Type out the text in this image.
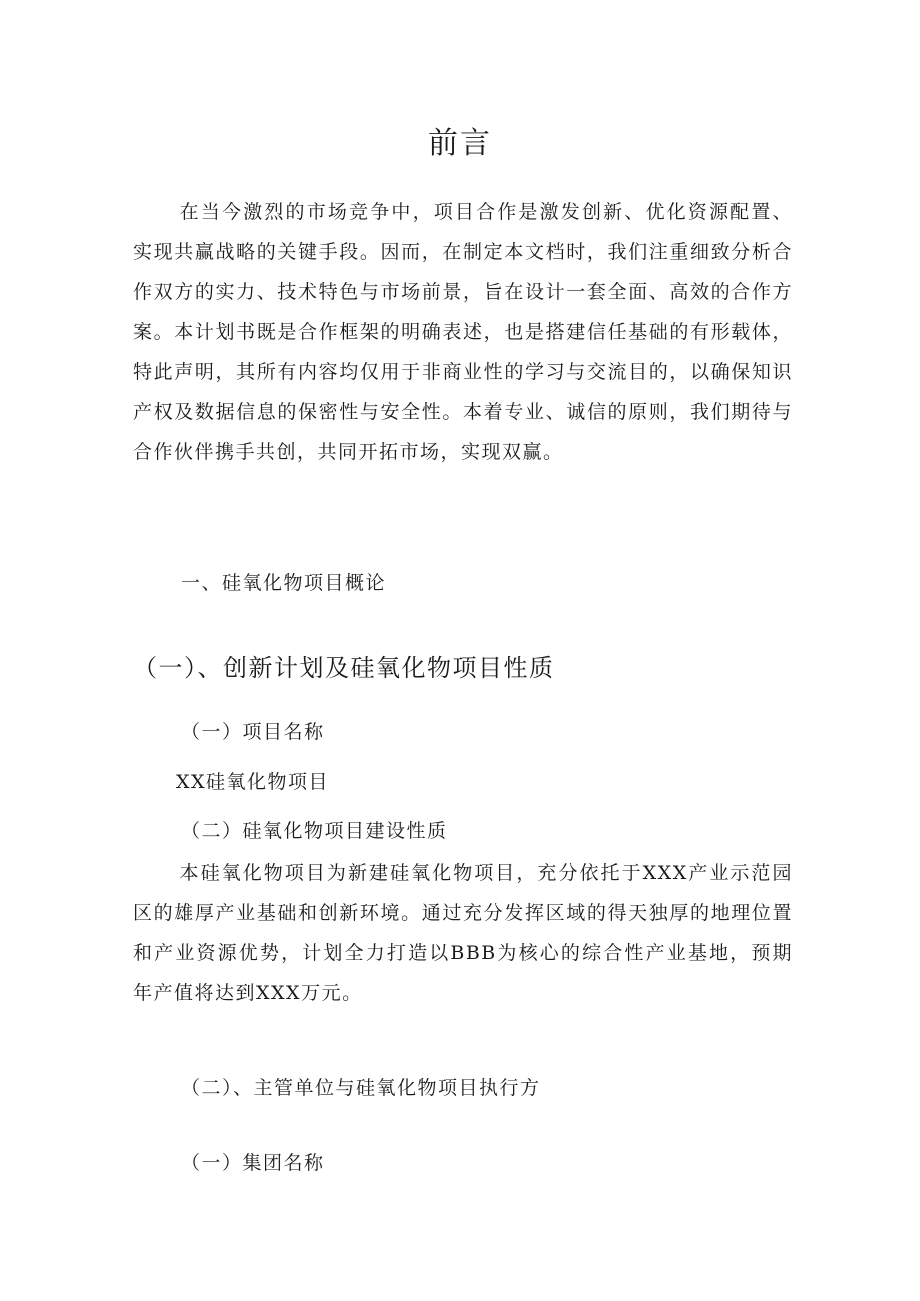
前言

在当今激烈的市场竞争中，项目合作是激发创新、优化资源配置、实现共赢战略的关键手段。因而，在制定本文档时，我们注重细致分析合作双方的实力、技术特色与市场前景，旨在设计一套全面、高效的合作方案。本计划书既是合作框架的明确表述，也是搭建信任基础的有形载体，特此声明，其所有内容均仅用于非商业性的学习与交流目的，以确保知识产权及数据信息的保密性与安全性。本着专业、诚信的原则，我们期待与合作伙伴携手共创，共同开拓市场，实现双赢。

一、硅氧化物项目概论
（一）、创新计划及硅氧化物项目性质
（一）项目名称
XX硅氧化物项目
（二）硅氧化物项目建设性质

本硅氧化物项目为新建硅氧化物项目，充分依托于XXX产业示范园区的雄厚产业基础和创新环境。通过充分发挥区域的得天独厚的地理位置和产业资源优势，计划全力打造以BBB为核心的综合性产业基地，预期年产值将达到XXX万元。

（二）、主管单位与硅氧化物项目执行方
（一）集团名称
